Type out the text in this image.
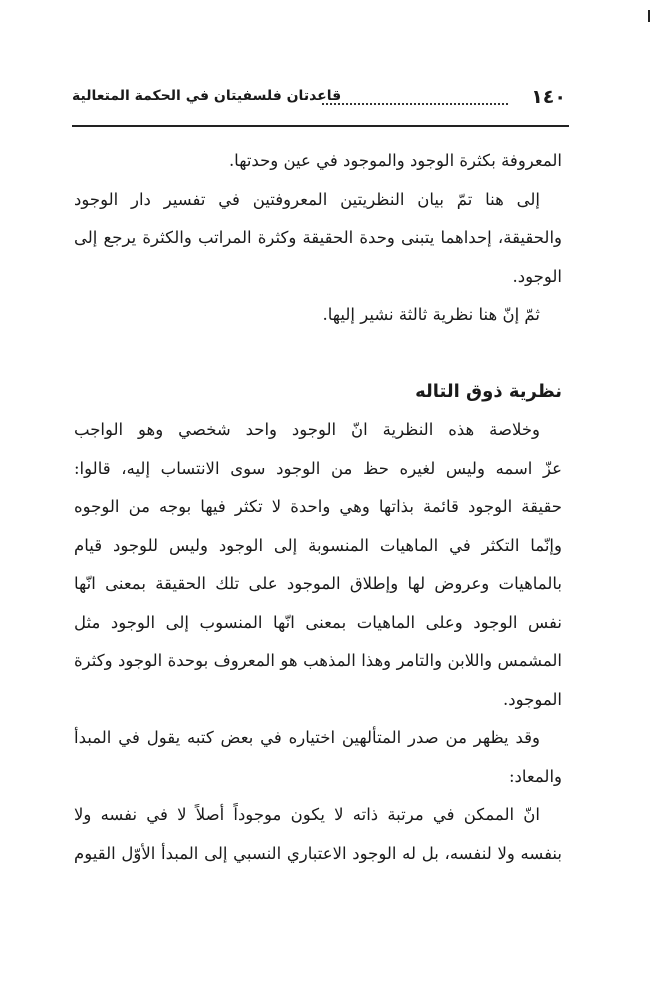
١٤٠
قاعدتان فلسفيتان في الحكمة المتعالية
المعروفة بكثرة الوجود والموجود في عين وحدتها.
إلى هنا تمّ بيان النظريتين المعروفتين في تفسير دار الوجود
والحقيقة، إحداهما يتبنى وحدة الحقيقة وكثرة المراتب والكثرة يرجع إلى
الوجود.
ثمّ إنّ هنا نظرية ثالثة نشير إليها.
نظرية ذوق التاله
وخلاصة هذه النظرية انّ الوجود واحد شخصي وهو الواجب
عزّ اسمه وليس لغيره حظ من الوجود سوى الانتساب إليه، قالوا:
حقيقة الوجود قائمة بذاتها وهي واحدة لا تكثر فيها بوجه من الوجوه
وإنّما التكثر في الماهيات المنسوبة إلى الوجود وليس للوجود قيام
بالماهيات وعروض لها وإطلاق الموجود على تلك الحقيقة بمعنى انّها
نفس الوجود وعلى الماهيات بمعنى انّها المنسوب إلى الوجود مثل
المشمس واللابن والتامر وهذا المذهب هو المعروف بوحدة الوجود وكثرة
الموجود.
وقد يظهر من صدر المتألهين اختياره في بعض كتبه يقول في المبدأ
والمعاد:
انّ الممكن في مرتبة ذاته لا يكون موجوداً أصلاً لا في نفسه ولا
بنفسه ولا لنفسه، بل له الوجود الاعتباري النسبي إلى المبدأ الأوّل القيوم
